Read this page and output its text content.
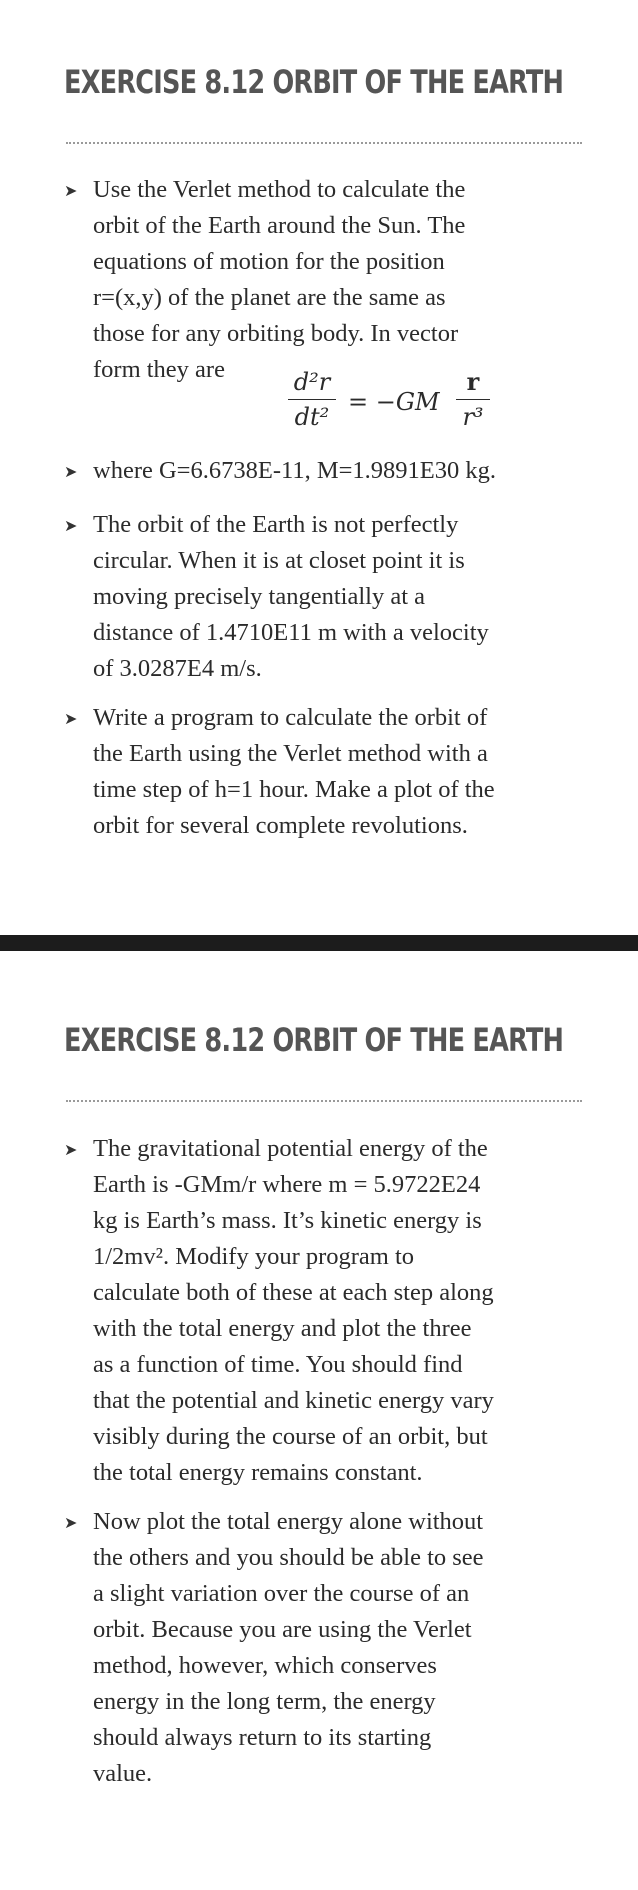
EXERCISE 8.12 ORBIT OF THE EARTH
➤ Use the Verlet method to calculate the
orbit of the Earth around the Sun. The
equations of motion for the position
r=(x,y) of the planet are the same as
those for any orbiting body. In vector
form they are	d²r
dt²
= −GM
r
r³
➤ where G=6.6738E-11, M=1.9891E30 kg.
➤ The orbit of the Earth is not perfectly
circular. When it is at closet point it is
moving precisely tangentially at a
distance of 1.4710E11 m with a velocity
of 3.0287E4 m/s.
➤ Write a program to calculate the orbit of
the Earth using the Verlet method with a
time step of h=1 hour. Make a plot of the
orbit for several complete revolutions.
EXERCISE 8.12 ORBIT OF THE EARTH
➤ The gravitational potential energy of the
Earth is -GMm/r where m = 5.9722E24
kg is Earth’s mass. It’s kinetic energy is
1/2mv². Modify your program to
calculate both of these at each step along
with the total energy and plot the three
as a function of time. You should find
that the potential and kinetic energy vary
visibly during the course of an orbit, but
the total energy remains constant.
➤ Now plot the total energy alone without
the others and you should be able to see
a slight variation over the course of an
orbit. Because you are using the Verlet
method, however, which conserves
energy in the long term, the energy
should always return to its starting
value.
